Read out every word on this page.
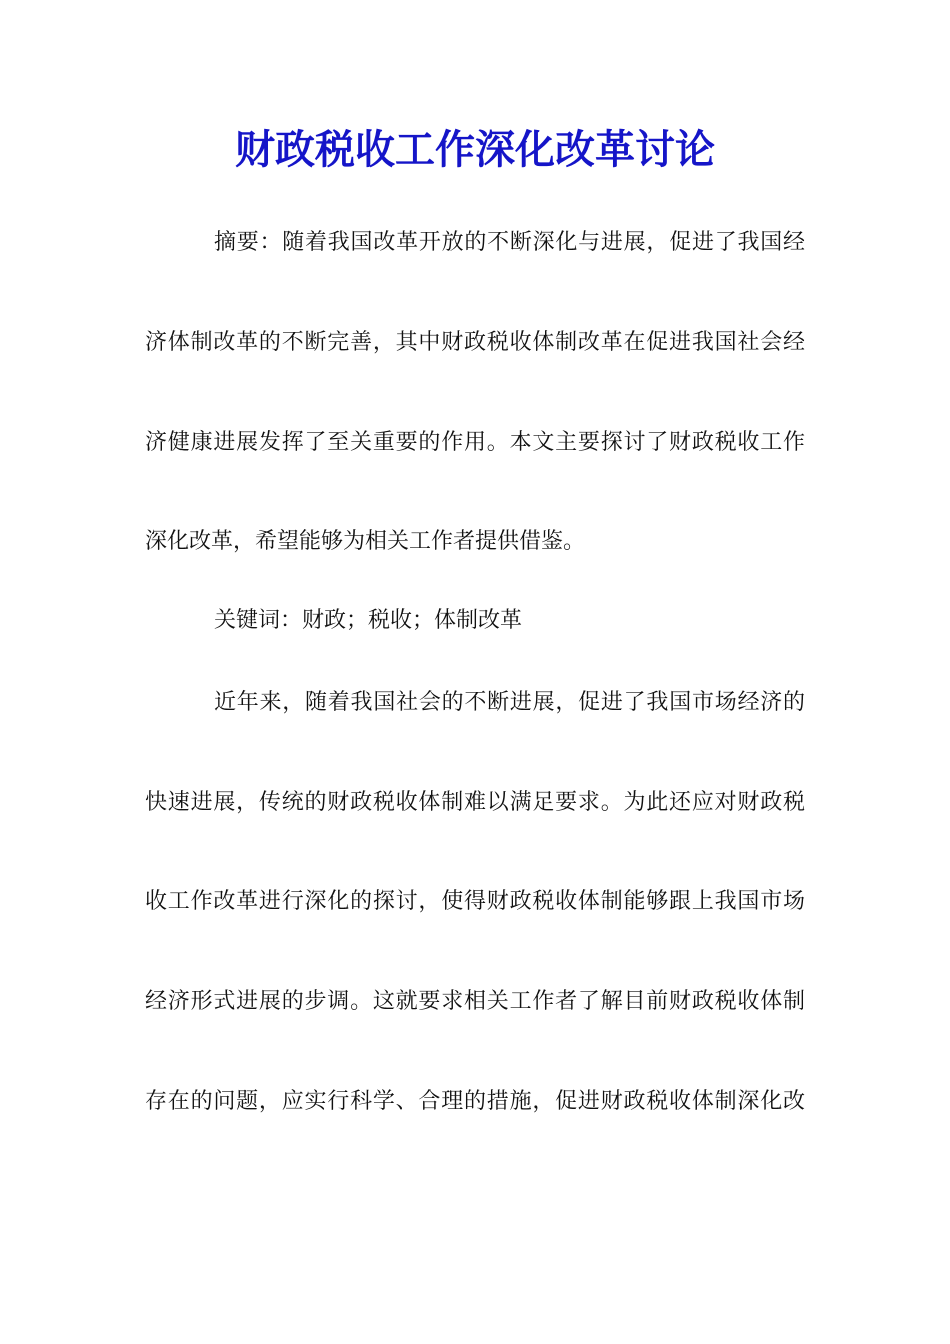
财政税收工作深化改革讨论

摘要：随着我国改革开放的不断深化与进展，促进了我国经

济体制改革的不断完善，其中财政税收体制改革在促进我国社会经

济健康进展发挥了至关重要的作用。本文主要探讨了财政税收工作

深化改革，希望能够为相关工作者提供借鉴。

关键词：财政；税收；体制改革

近年来，随着我国社会的不断进展，促进了我国市场经济的

快速进展，传统的财政税收体制难以满足要求。为此还应对财政税

收工作改革进行深化的探讨，使得财政税收体制能够跟上我国市场

经济形式进展的步调。这就要求相关工作者了解目前财政税收体制

存在的问题，应实行科学、合理的措施，促进财政税收体制深化改
